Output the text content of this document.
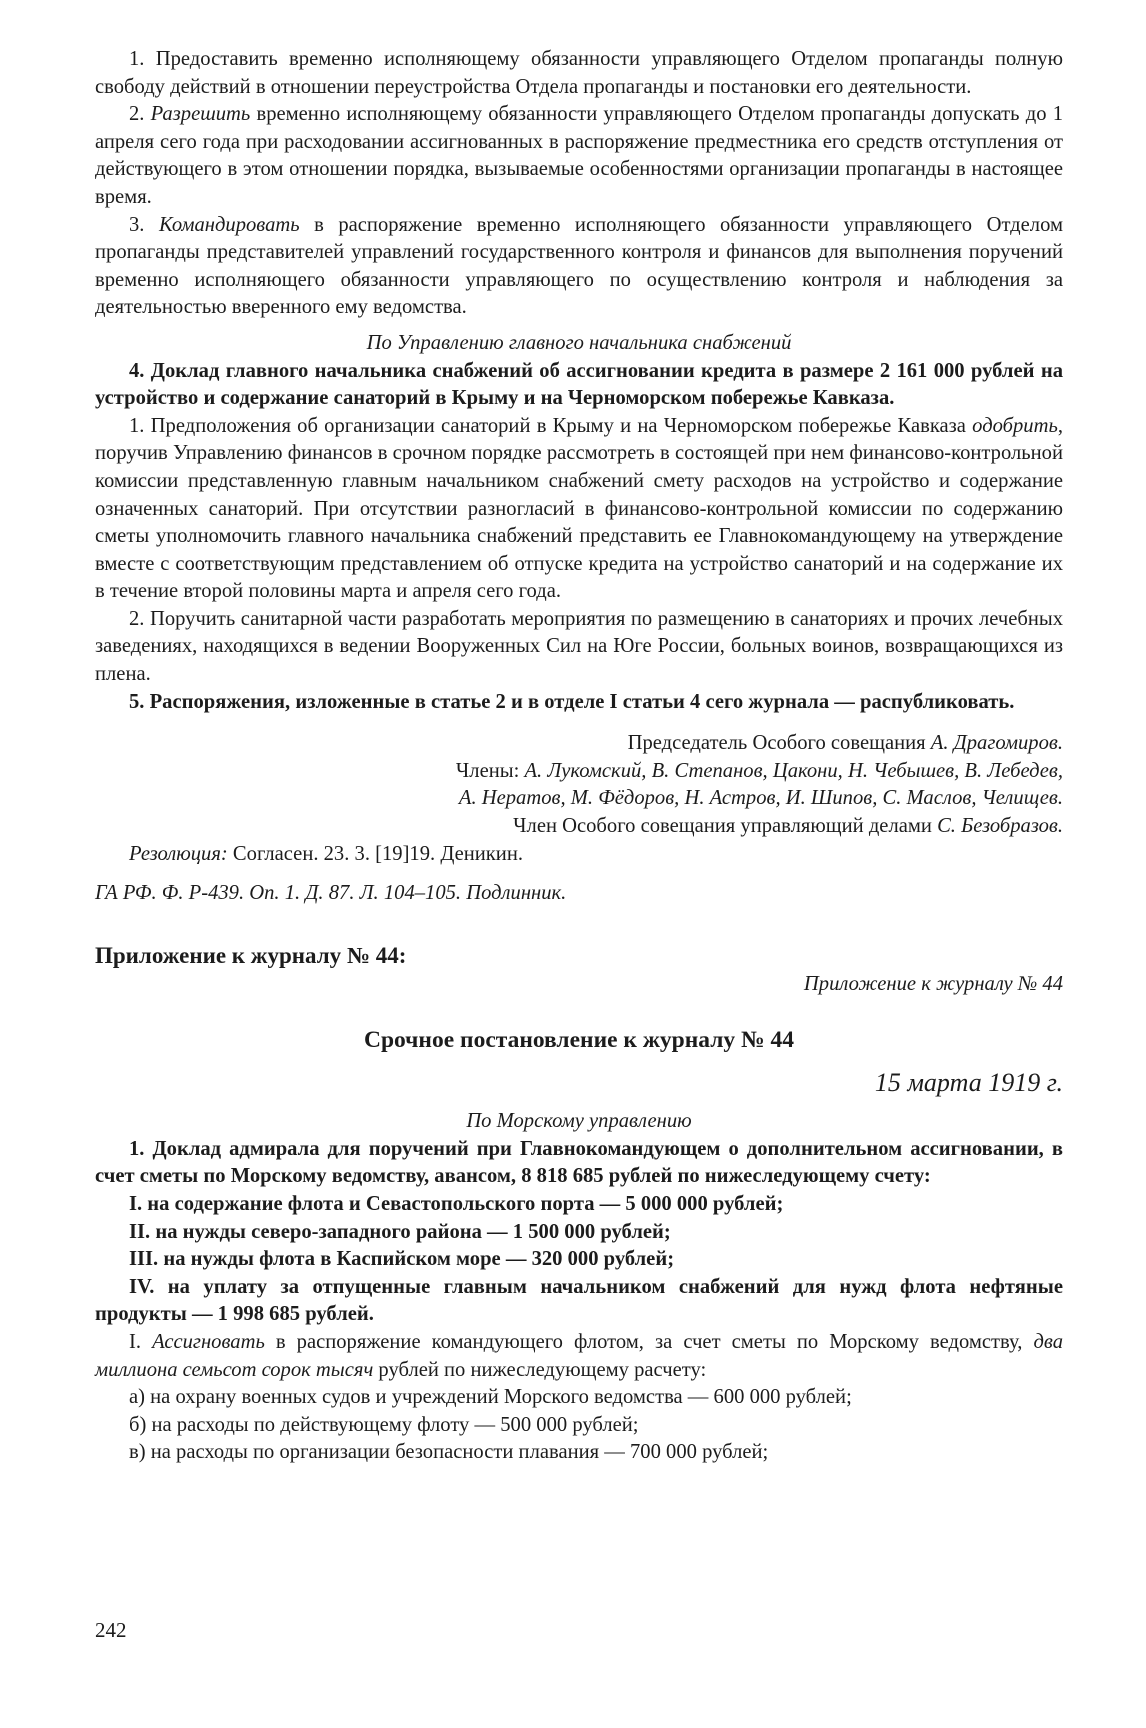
1. Предоставить временно исполняющему обязанности управляющего Отделом пропаганды полную свободу действий в отношении переустройства Отдела пропаганды и постановки его деятельности.

2. Разрешить временно исполняющему обязанности управляющего Отделом пропаганды допускать до 1 апреля сего года при расходовании ассигнованных в распоряжение предместника его средств отступления от действующего в этом отношении порядка, вызываемые особенностями организации пропаганды в настоящее время.

3. Командировать в распоряжение временно исполняющего обязанности управляющего Отделом пропаганды представителей управлений государственного контроля и финансов для выполнения поручений временно исполняющего обязанности управляющего по осуществлению контроля и наблюдения за деятельностью вверенного ему ведомства.

По Управлению главного начальника снабжений

4. Доклад главного начальника снабжений об ассигновании кредита в размере 2 161 000 рублей на устройство и содержание санаторий в Крыму и на Черноморском побережье Кавказа.

1. Предположения об организации санаторий в Крыму и на Черноморском побережье Кавказа одобрить, поручив Управлению финансов в срочном порядке рассмотреть в состоящей при нем финансово-контрольной комиссии представленную главным начальником снабжений смету расходов на устройство и содержание означенных санаторий. При отсутствии разногласий в финансово-контрольной комиссии по содержанию сметы уполномочить главного начальника снабжений представить ее Главнокомандующему на утверждение вместе с соответствующим представлением об отпуске кредита на устройство санаторий и на содержание их в течение второй половины марта и апреля сего года.

2. Поручить санитарной части разработать мероприятия по размещению в санаториях и прочих лечебных заведениях, находящихся в ведении Вооруженных Сил на Юге России, больных воинов, возвращающихся из плена.

5. Распоряжения, изложенные в статье 2 и в отделе I статьи 4 сего журнала — распубликовать.

Председатель Особого совещания А. Драгомиров.

Члены: А. Лукомский, В. Степанов, Цакони, Н. Чебышев, В. Лебедев,

А. Нератов, М. Фёдоров, Н. Астров, И. Шипов, С. Маслов, Челищев.

Член Особого совещания управляющий делами С. Безобразов.

Резолюция: Согласен. 23. 3. [19]19. Деникин.

ГА РФ. Ф. Р-439. Оп. 1. Д. 87. Л. 104–105. Подлинник.

Приложение к журналу № 44:

Приложение к журналу № 44

Срочное постановление к журналу № 44

15 марта 1919 г.

По Морскому управлению

1. Доклад адмирала для поручений при Главнокомандующем о дополнительном ассигновании, в счет сметы по Морскому ведомству, авансом, 8 818 685 рублей по нижеследующему счету:

I. на содержание флота и Севастопольского порта — 5 000 000 рублей;

II. на нужды северо-западного района — 1 500 000 рублей;

III. на нужды флота в Каспийском море — 320 000 рублей;

IV. на уплату за отпущенные главным начальником снабжений для нужд флота нефтяные продукты — 1 998 685 рублей.

I. Ассигновать в распоряжение командующего флотом, за счет сметы по Морскому ведомству, два миллиона семьсот сорок тысяч рублей по нижеследующему расчету:

а) на охрану военных судов и учреждений Морского ведомства — 600 000 рублей;

б) на расходы по действующему флоту — 500 000 рублей;

в) на расходы по организации безопасности плавания — 700 000 рублей;

242
